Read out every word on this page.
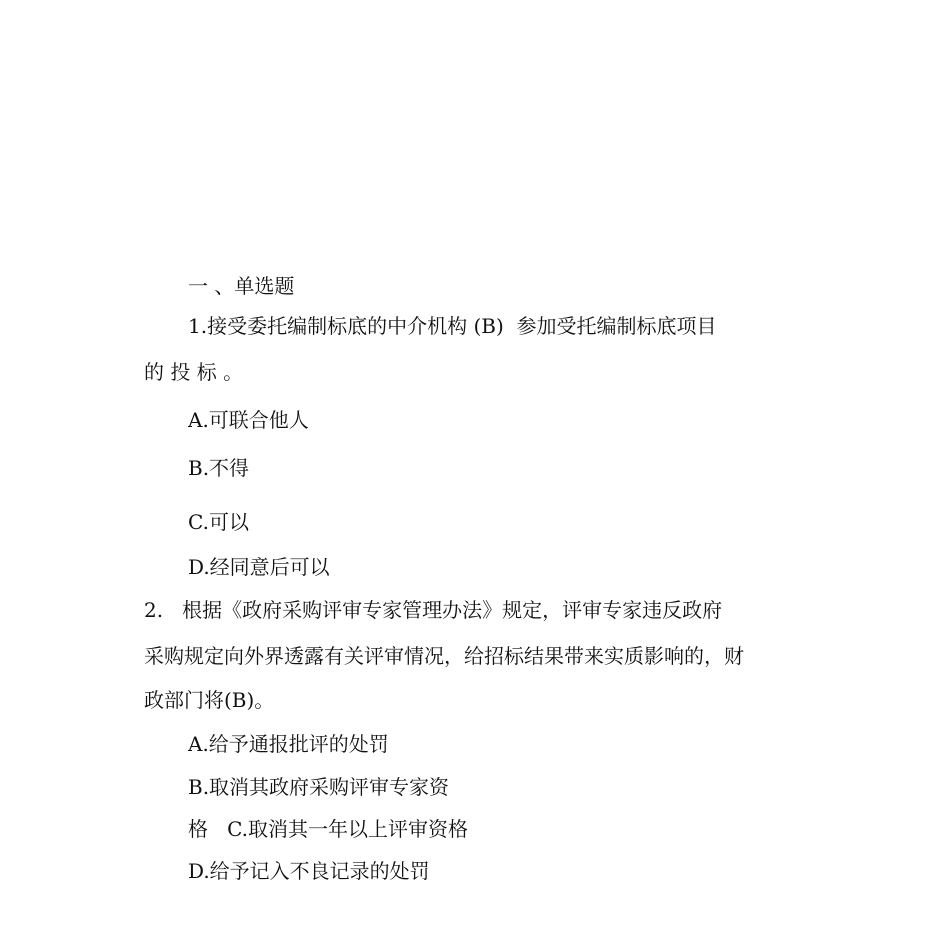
一 、单选题
1.接受委托编制标底的中介机构 (B)  参加受托编制标底项目
的 投 标 。
A.可联合他人
B.不得
C.可以
D.经同意后可以
2.   根据《政府采购评审专家管理办法》规定，评审专家违反政府
采购规定向外界透露有关评审情况，给招标结果带来实质影响的，财
政部门将(B)。
A.给予通报批评的处罚
B.取消其政府采购评审专家资
格   C.取消其一年以上评审资格
D.给予记入不良记录的处罚
